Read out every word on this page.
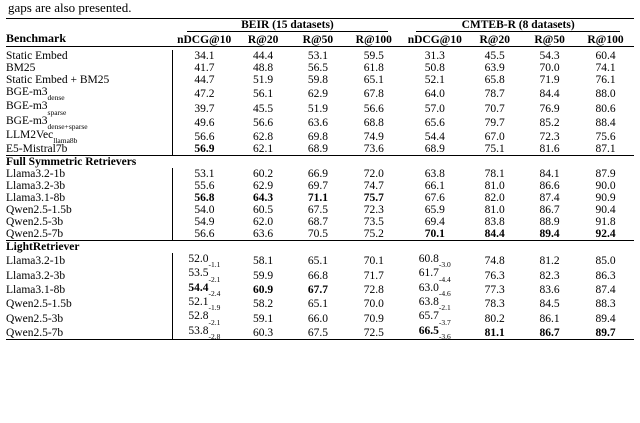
gaps are also presented.
Benchmark	BEIR (15 datasets)				CMTEB-R (8 datasets)			

	nDCG@10	R@20	R@50	R@100	nDCG@10	R@20	R@50	R@100

Static Embed	34.1	44.4	53.1	59.5	31.3	45.5	54.3	60.4
BM25	41.7	48.8	56.5	61.8	50.8	63.9	70.0	74.1
Static Embed + BM25	44.7	51.9	59.8	65.1	52.1	65.8	71.9	76.1
BGE-$m3_{dense}$	47.2	56.1	62.9	67.8	64.0	78.7	84.4	88.0
BGE-$m3_{sparse}$	39.7	45.5	51.9	56.6	57.0	70.7	76.9	80.6
BGE-$m3_{dense+sparse}$	49.6	56.6	63.6	68.8	65.6	79.7	85.2	88.4
LLM2Vec$_{llama8b}$	56.6	62.8	69.8	74.9	54.4	67.0	72.3	75.6
E5-Mistral7b	56.9	62.1	68.9	73.6	68.9	75.1	81.6	87.1
Full Symmetric Retrievers								
Llama3.2-1b	53.1	60.2	66.9	72.0	63.8	78.1	84.1	87.9
Llama3.2-3b	55.6	62.9	69.7	74.7	66.1	81.0	86.6	90.0
Llama3.1-8b	56.8	64.3	71.1	75.7	67.6	82.0	87.4	90.9
Qwen2.5-1.5b	54.0	60.5	67.5	72.3	65.9	81.0	86.7	90.4
Qwen2.5-3b	54.9	62.0	68.7	73.5	69.4	83.8	88.9	91.8
Qwen2.5-7b	56.6	63.6	70.5	75.2	70.1	84.4	89.4	92.4
LightRetriever								
Llama3.2-1b	$52.0_{-1.1}$	58.1	65.1	70.1	$60.8_{-3.0}$	74.8	81.2	85.0
Llama3.2-3b	$53.5_{-2.1}$	59.9	66.8	71.7	$61.7_{-4.4}$	76.3	82.3	86.3
Llama3.1-8b	$54.4_{-2.4}$	60.9	67.7	72.8	$63.0_{-4.6}$	77.3	83.6	87.4
Qwen2.5-1.5b	$52.1_{-1.9}$	58.2	65.1	70.0	$63.8_{-2.1}$	78.3	84.5	88.3
Qwen2.5-3b	$52.8_{-2.1}$	59.1	66.0	70.9	$65.7_{-3.7}$	80.2	86.1	89.4
Qwen2.5-7b	$53.8_{-2.8}$	60.3	67.5	72.5	$66.5_{-3.6}$	81.1	86.7	89.7
